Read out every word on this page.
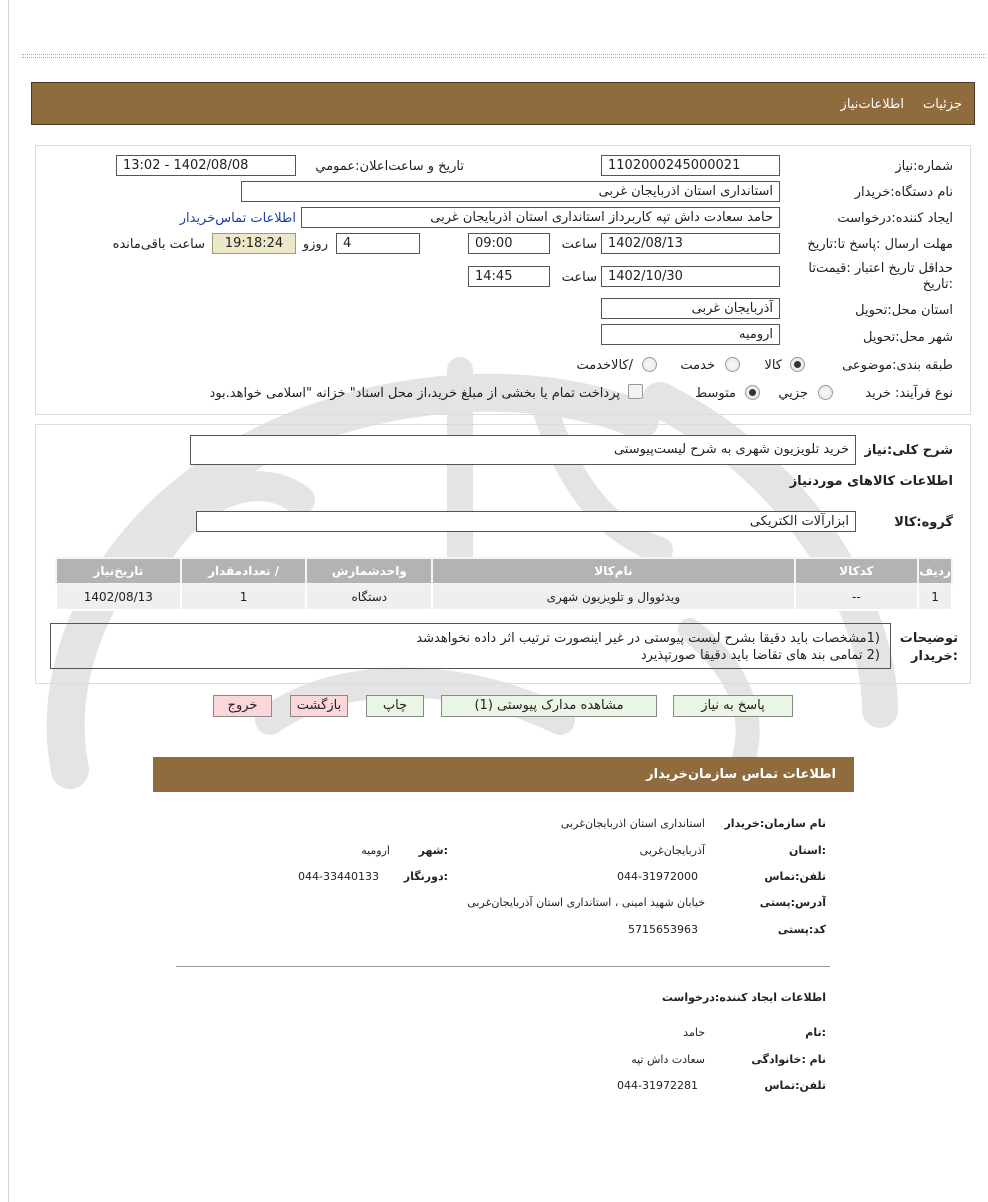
جزئیات
اطلاعات‌نیاز
شماره:نیاز
1102000245000021
تاریخ و ساعت‌اعلان:عمومي
1402/08/08 - 13:02
نام دستگاه:خریدار
استانداری استان اذربایجان غربی
ایجاد کننده:درخواست
حامد سعادت داش تپه کاربرداز استانداری استان اذربایجان غربی
اطلاعات تماس‌خریدار
مهلت ارسال :پاسخ تا:تاریخ
1402/08/13
ساعت
09:00
4
روزو
19:18:24
ساعت باقی‌مانده
حداقل تاریخ اعتبار :قیمت‌تا :تاریخ
1402/10/30
ساعت
14:45
استان محل:تحویل
آذربایجان غربی
شهر محل:تحویل
ارومیه
طبقه بندی:موضوعی
کالا
خدمت
/کالاخدمت
نوع فرآیند: خرید
جزیي
متوسط
پرداخت تمام یا بخشی از مبلغ خرید،از محل اسناد" خزانه "اسلامی خواهد.بود
شرح کلی:نیاز
خرید تلویزیون شهری به شرح لیست‌پیوستی
اطلاعات کالاهای موردنیاز
گروه:کالا
ابزارآلات الکتریکی
ردیف	کدکالا	نام‌کالا	واحدشمارش	/ تعدادمقدار	تاریخ‌نیاز
1	--	ویدئووال و تلویزیون شهری	دستگاه	1	1402/08/13
توضیحات :خریدار
(1مشخصات باید دقیقا بشرح لیست پیوستی در غیر اینصورت ترتیب اثر داده نخواهدشد
(2 تمامی بند های تقاضا باید دقیقا صورتپذیرد
پاسخ به نیاز
مشاهده مدارک پیوستی (1)
چاپ
بازگشت
خروج
اطلاعات تماس سازمان‌خریدار
نام سازمان:خریدار
استانداری استان اذربایجان‌غربی
:استان
آذربایجان‌غربی
:شهر
ارومیه
تلفن:تماس
044-31972000
:دورنگار
044-33440133
آدرس:پستی
خیابان شهید امینی ، استانداری استان آذربایجان‌غربی
کد:پستی
5715653963
اطلاعات ایجاد کننده:درخواست
:نام
حامد
نام :خانوادگی
سعادت داش تپه
تلفن:تماس
044-31972281
